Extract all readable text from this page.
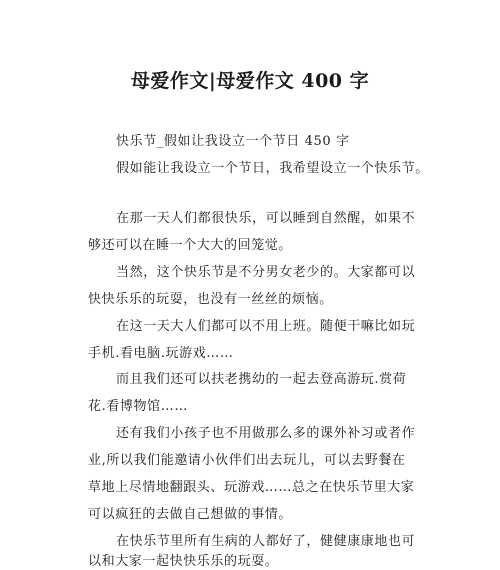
母爱作文|母爱作文 400 字

快乐节_假如让我设立一个节日 450 字

假如能让我设立一个节日，我希望设立一个快乐节。

在那一天人们都很快乐，可以睡到自然醒，如果不

够还可以在睡一个大大的回笼觉。

当然，这个快乐节是不分男女老少的。大家都可以

快快乐乐的玩耍，也没有一丝丝的烦恼。

在这一天大人们都可以不用上班。随便干嘛比如玩

手机.看电脑.玩游戏……

而且我们还可以扶老携幼的一起去登高游玩.赏荷

花.看博物馆……

还有我们小孩子也不用做那么多的课外补习或者作

业,所以我们能邀请小伙伴们出去玩儿，可以去野餐在

草地上尽情地翻跟头、玩游戏……总之在快乐节里大家

可以疯狂的去做自己想做的事情。

在快乐节里所有生病的人都好了，健健康康地也可

以和大家一起快快乐乐的玩耍。
